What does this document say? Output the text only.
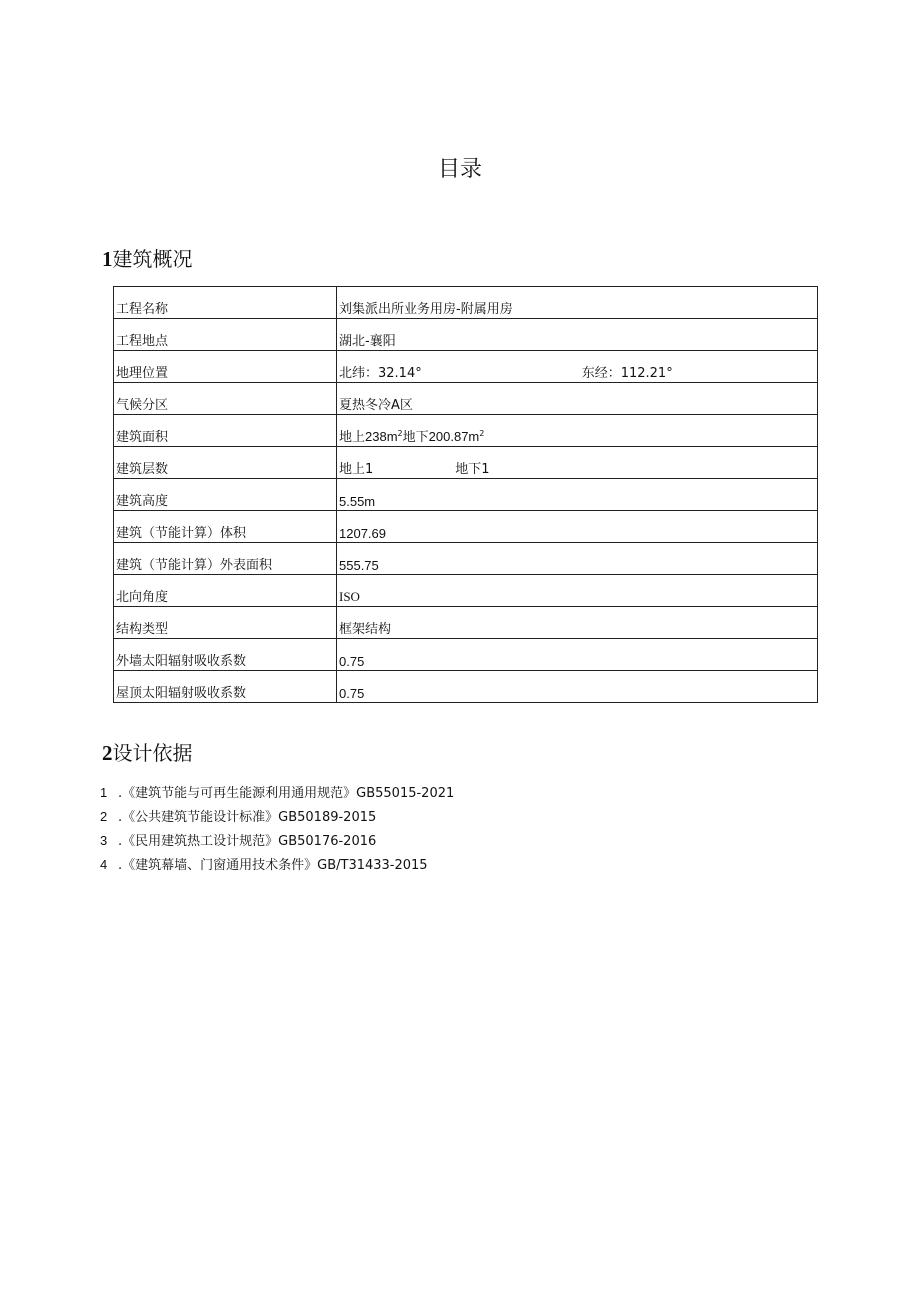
目录
1建筑概况
工程名称	刘集派出所业务用房-附属用房
工程地点	湖北-襄阳
地理位置	北纬：32.14° 东经：112.21°
气候分区	夏热冬冷A区
建筑面积	地上$238m^2$地下$200.87m^2$
建筑层数	地上1 地下1
建筑高度	5.55m
建筑（节能计算）体积	1207.69
建筑（节能计算）外表面积	555.75
北向角度	ISO
结构类型	框架结构
外墙太阳辐射吸收系数	0.75
屋顶太阳辐射吸收系数	0.75
2设计依据
1 .《建筑节能与可再生能源利用通用规范》GB55015-2021
2 .《公共建筑节能设计标准》GB50189-2015
3 .《民用建筑热工设计规范》GB50176-2016
4 .《建筑幕墙、门窗通用技术条件》GB/T31433-2015
